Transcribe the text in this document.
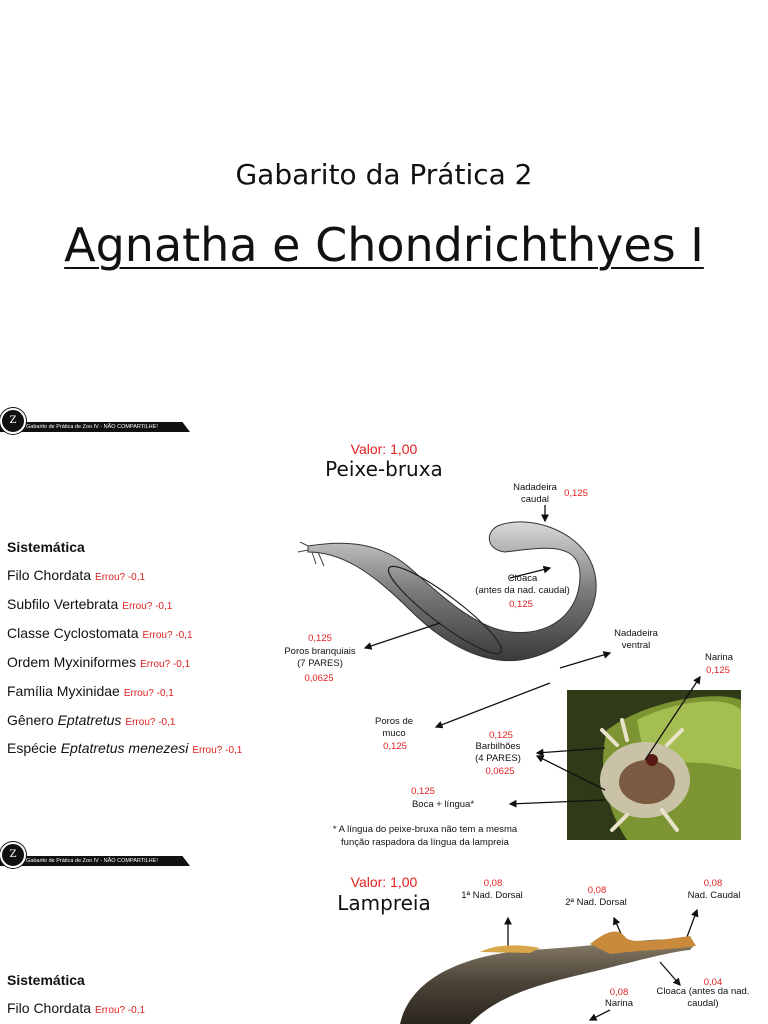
Gabarito da Prática 2
Agnatha e Chondrichthyes I
Z
Gabarito de Prática de Zoo IV - NÃO COMPARTILHE!
Valor: 1,00
Peixe-bruxa
Sistemática
Filo Chordata Errou? -0,1
Subfilo Vertebrata Errou? -0,1
Classe Cyclostomata Errou? -0,1
Ordem Myxiniformes Errou? -0,1
Família Myxinidae Errou? -0,1
Gênero Eptatretus Errou? -0,1
Espécie Eptatretus menezesi Errou? -0,1
Nadadeira
caudal
0,125
Cloaca
(antes da nad. caudal)
0,125
0,125
Poros branquiais
(7 PARES)
0,0625
Nadadeira
ventral
Narina
0,125
Poros de
muco
0,125
0,125
Barbilhões
(4 PARES)
0,0625
0,125
Boca + língua*
* A língua do peixe-bruxa não tem a mesma
função raspadora da língua da lampreia
Z
Gabarito de Prática de Zoo IV - NÃO COMPARTILHE!
Valor: 1,00
Lampreia
Sistemática
Filo Chordata Errou? -0,1
0,08
1ª Nad. Dorsal	0,08
2ª Nad. Dorsal
0,08
Nad. Caudal
0,04
Cloaca (antes da nad.
caudal)
0,08
Narina
